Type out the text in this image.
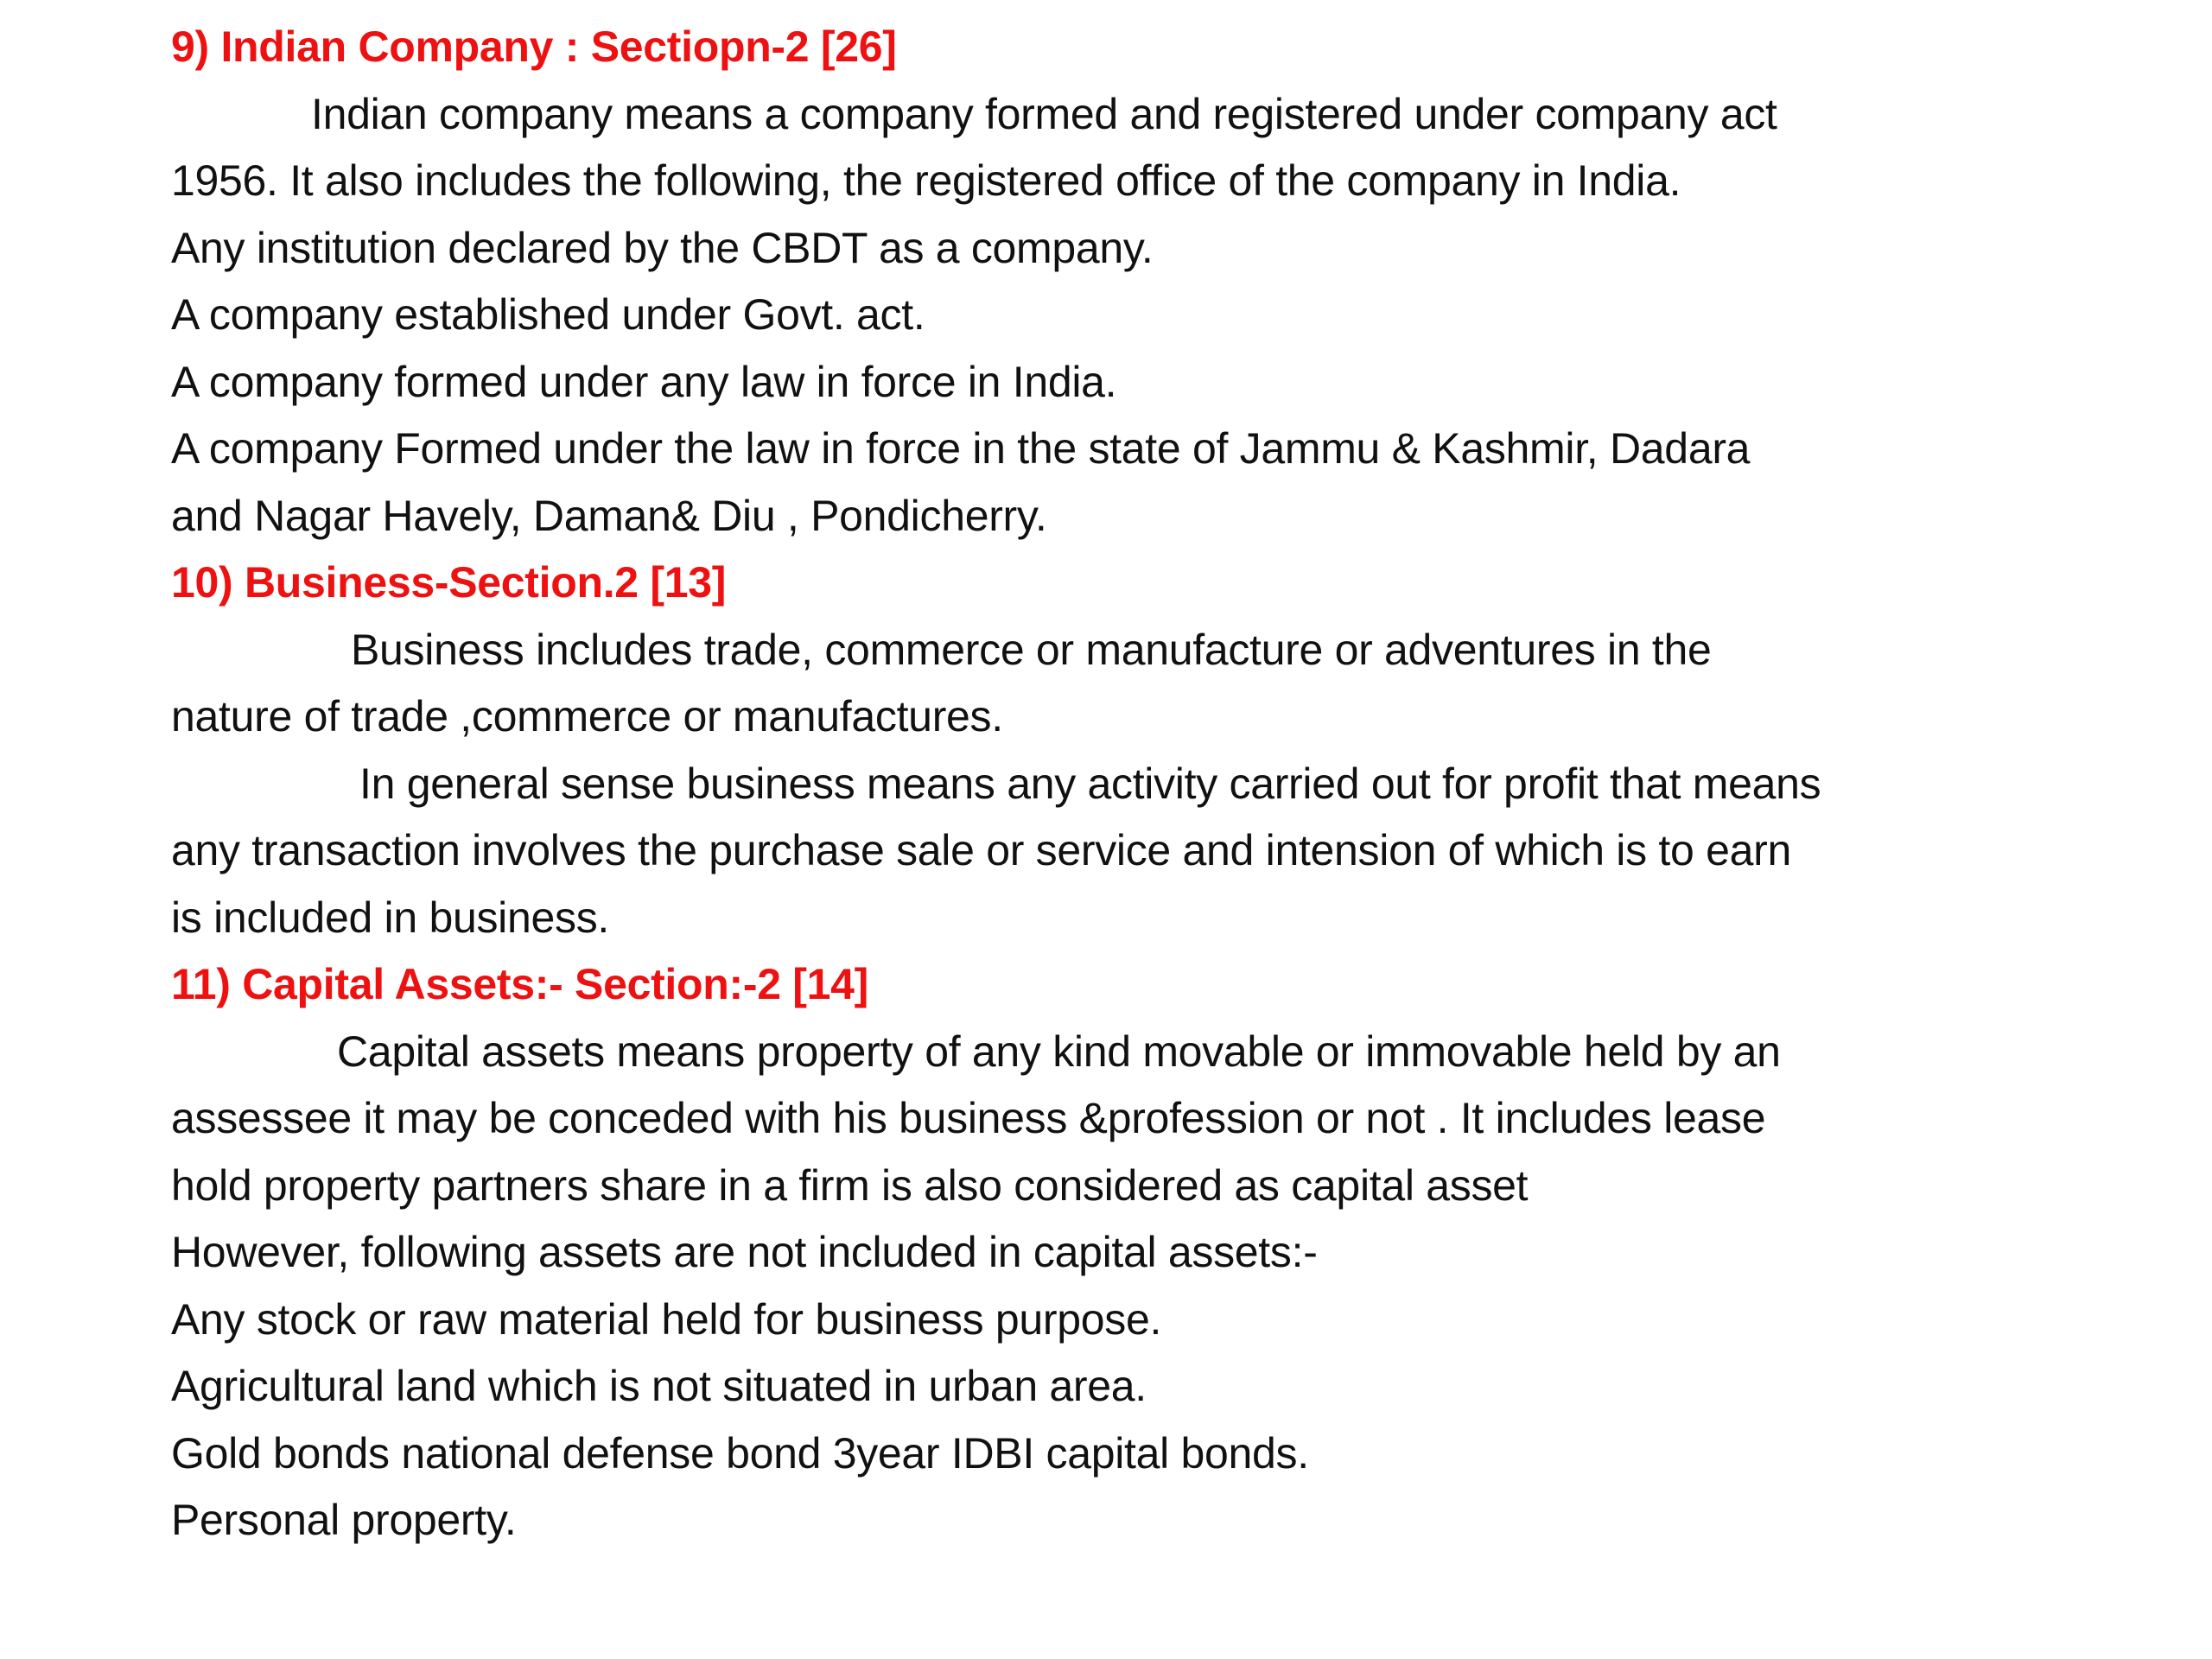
9) Indian Company : Sectiopn-2 [26]
Indian company means a company formed and registered under company act
1956. It also includes the following, the registered office of the company in India.
Any institution declared by the CBDT as a company.
A company established under Govt. act.
A company formed under any law in force in India.
A company Formed under the law in force in the state of Jammu & Kashmir, Dadara
and Nagar Havely, Daman& Diu , Pondicherry.
10) Business-Section.2 [13]
Business includes trade, commerce or manufacture or adventures in the
nature of trade ,commerce or manufactures.
In general sense business means any activity carried out for profit that means
any transaction involves the purchase sale or service and intension of which is to earn
is included in business.
11) Capital Assets:- Section:-2 [14]
Capital assets means property of any kind movable or immovable held by an
assessee it may be conceded with his business &profession or not . It includes lease
hold property partners share in a firm is also considered as capital asset
However, following assets are not included in capital assets:-
Any stock or raw material held for business purpose.
Agricultural land which is not situated in urban area.
Gold bonds national defense bond 3year IDBI capital bonds.
Personal property.
